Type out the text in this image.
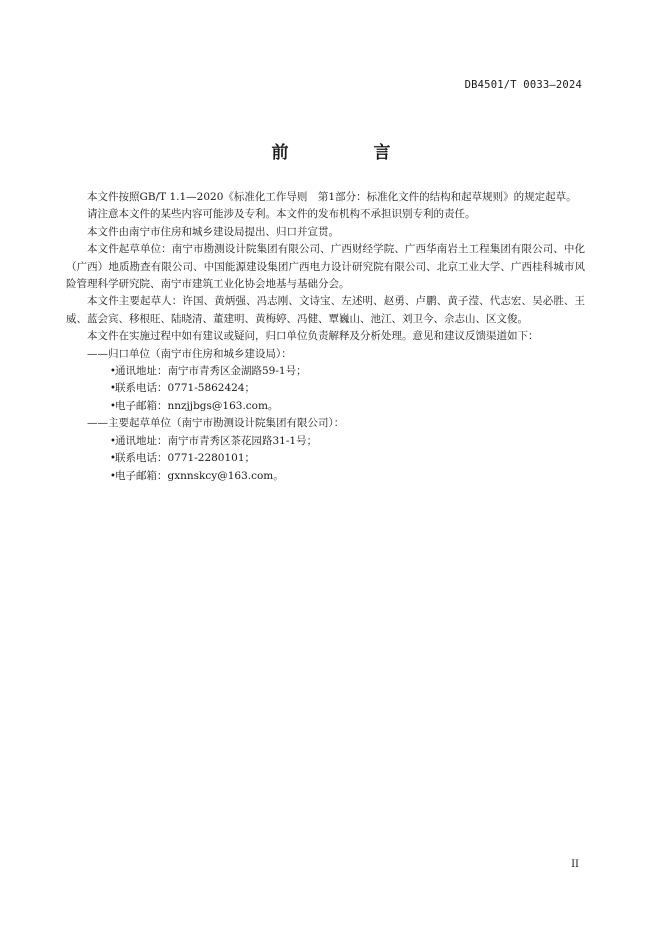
DB4501/T 0033—2024
前　言

本文件按照GB/T 1.1—2020《标准化工作导则　第1部分：标准化文件的结构和起草规则》的规定起草。

请注意本文件的某些内容可能涉及专利。本文件的发布机构不承担识别专利的责任。

本文件由南宁市住房和城乡建设局提出、归口并宣贯。

本文件起草单位：南宁市勘测设计院集团有限公司、广西财经学院、广西华南岩土工程集团有限公司、中化（广西）地质勘查有限公司、中国能源建设集团广西电力设计研究院有限公司、北京工业大学、广西桂科城市风险管理科学研究院、南宁市建筑工业化协会地基与基础分会。

本文件主要起草人：许国、黄炳强、冯志刚、文诗宝、左述明、赵勇、卢鹏、黄子滢、代志宏、吴必胜、王威、蓝会宾、移根旺、陆晓清、董建明、黄梅婷、冯健、覃巍山、池江、刘卫今、佘志山、区文俊。

本文件在实施过程中如有建议或疑问，归口单位负责解释及分析处理。意见和建议反馈渠道如下：

——归口单位（南宁市住房和城乡建设局）：

• 通讯地址：南宁市青秀区金湖路59-1号；

• 联系电话：0771-5862424；

• 电子邮箱：nnzjjbgs@163.com。

——主要起草单位（南宁市勘测设计院集团有限公司）：

• 通讯地址：南宁市青秀区茶花园路31-1号；

• 联系电话：0771-2280101；

• 电子邮箱：gxnnskcy@163.com。

II
